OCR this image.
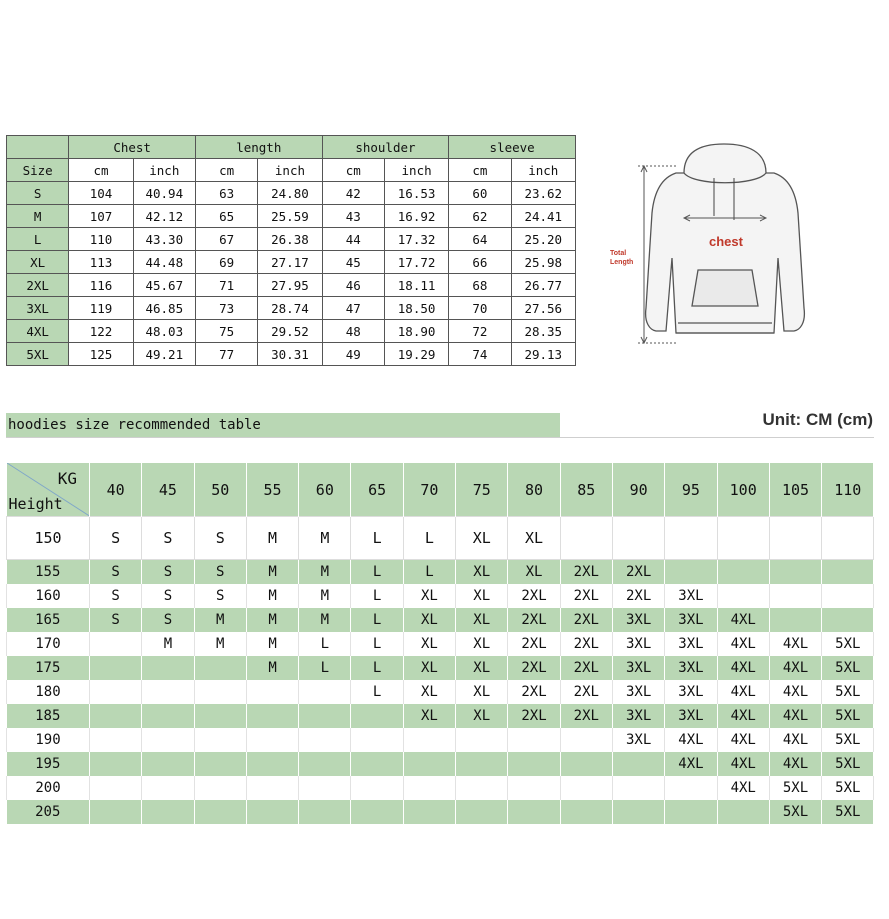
	Chest		length		shoulder		sleeve	
Size	cm	inch	cm	inch	cm	inch	cm	inch
S	104	40.94	63	24.80	42	16.53	60	23.62
M	107	42.12	65	25.59	43	16.92	62	24.41
L	110	43.30	67	26.38	44	17.32	64	25.20
XL	113	44.48	69	27.17	45	17.72	66	25.98
2XL	116	45.67	71	27.95	46	18.11	68	26.77
3XL	119	46.85	73	28.74	47	18.50	70	27.56
4XL	122	48.03	75	29.52	48	18.90	72	28.35
5XL	125	49.21	77	30.31	49	19.29	74	29.13
chest
Total
Length
hoodies size recommended table	Unit: CM (cm)
KG
Height	40	45	50	55	60	65	70	75	80	85	90	95	100	105	110
150	S	S	S	M	M	L	L	XL	XL						
155	S	S	S	M	M	L	L	XL	XL	2XL	2XL				
160	S	S	S	M	M	L	XL	XL	2XL	2XL	2XL	3XL			
165	S	S	M	M	M	L	XL	XL	2XL	2XL	3XL	3XL	4XL		
170		M	M	M	L	L	XL	XL	2XL	2XL	3XL	3XL	4XL	4XL	5XL
175				M	L	L	XL	XL	2XL	2XL	3XL	3XL	4XL	4XL	5XL
180						L	XL	XL	2XL	2XL	3XL	3XL	4XL	4XL	5XL
185							XL	XL	2XL	2XL	3XL	3XL	4XL	4XL	5XL
190											3XL	4XL	4XL	4XL	5XL
195												4XL	4XL	4XL	5XL
200													4XL	5XL	5XL
205														5XL	5XL
